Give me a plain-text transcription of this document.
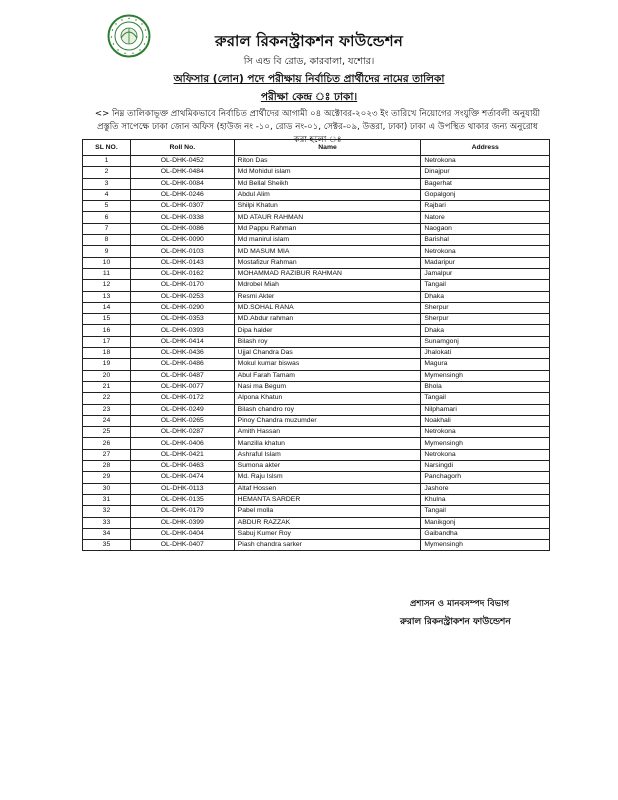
রুরাল রিকনস্ট্রাকশন ফাউন্ডেশন
সি এন্ড বি রোড, কারবালা, যশোর।
অফিসার (লোন) পদে পরীক্ষায় নির্বাচিত প্রার্থীদের নামের তালিকা
পরীক্ষা কেন্দ্র ঃ ঢাকা।
<> নিম্ন তালিকাভূক্ত প্রাথমিকভাবে নির্বাচিত প্রার্থীদের আগামী ০৪ অক্টোবর-২০২৩ ইং তারিখে নিয়োগের সংযুক্তি শর্তাবলী অনুযায়ী প্রস্তুতি সাপেক্ষে ঢাকা জোন অফিস (হাউজ নং -১০, রোড নং-০১, সেক্টর-০৯, উত্তরা, ঢাকা) ঢাকা এ উপস্থিত থাকার জন্য অনুরোধ করা হলো ঃ
SL NO.	Roll No.	Name	Address
1	OL-DHK-0452	Riton Das	Netrokona
2	OL-DHK-0484	Md Mohidul islam	Dinajpur
3	OL-DHK-0084	Md Bellal Sheikh	Bagerhat
4	OL-DHK-0246	Abdul Alim	Gopalgonj
5	OL-DHK-0307	Shilpi Khatun	Rajbari
6	OL-DHK-0338	MD ATAUR RAHMAN	Natore
7	OL-DHK-0086	Md Pappu Rahman	Naogaon
8	OL-DHK-0090	Md manirul islam	Barishal
9	OL-DHK-0103	MD MASUM MIA	Netrokona
10	OL-DHK-0143	Mostafizur Rahman	Madaripur
11	OL-DHK-0162	MOHAMMAD RAZIBUR RAHMAN	Jamalpur
12	OL-DHK-0170	Mdrobel Miah	Tangail
13	OL-DHK-0253	Resmi Akter	Dhaka
14	OL-DHK-0290	MD.SOHAL RANA	Sherpur
15	OL-DHK-0353	MD.Abdur rahman	Sherpur
16	OL-DHK-0393	Dipa halder	Dhaka
17	OL-DHK-0414	Bilash roy	Sunamgonj
18	OL-DHK-0436	Ujjal Chandra Das	Jhalokati
19	OL-DHK-0486	Mokul kumar biswas	Magura
20	OL-DHK-0487	Abul Farah Tamam	Mymensingh
21	OL-DHK-0077	Nasi ma Begum	Bhola
22	OL-DHK-0172	Alpona Khatun	Tangail
23	OL-DHK-0249	Bilash chandro roy	Nilphamari
24	OL-DHK-0265	Pinoy Chandra muzumder	Noakhali
25	OL-DHK-0287	Amith Hassan	Netrokona
26	OL-DHK-0406	Manzilla khatun	Mymensingh
27	OL-DHK-0421	Ashraful Islam	Netrokona
28	OL-DHK-0463	Sumona akter	Narsingdi
29	OL-DHK-0474	Md. Raju Islsm	Panchagorh
30	OL-DHK-0113	Altaf Hossen	Jashore
31	OL-DHK-0135	HEMANTA SARDER	Khulna
32	OL-DHK-0179	Pabel molla	Tangail
33	OL-DHK-0399	ABDUR RAZZAK	Manikgonj
34	OL-DHK-0404	Sabuj Kumer Roy	Gaibandha
35	OL-DHK-0407	Piash chandra sarker	Mymensingh
প্রশাসন ও মানবসম্পদ বিভাগ
রুরাল রিকনস্ট্রাকশন ফাউন্ডেশন
